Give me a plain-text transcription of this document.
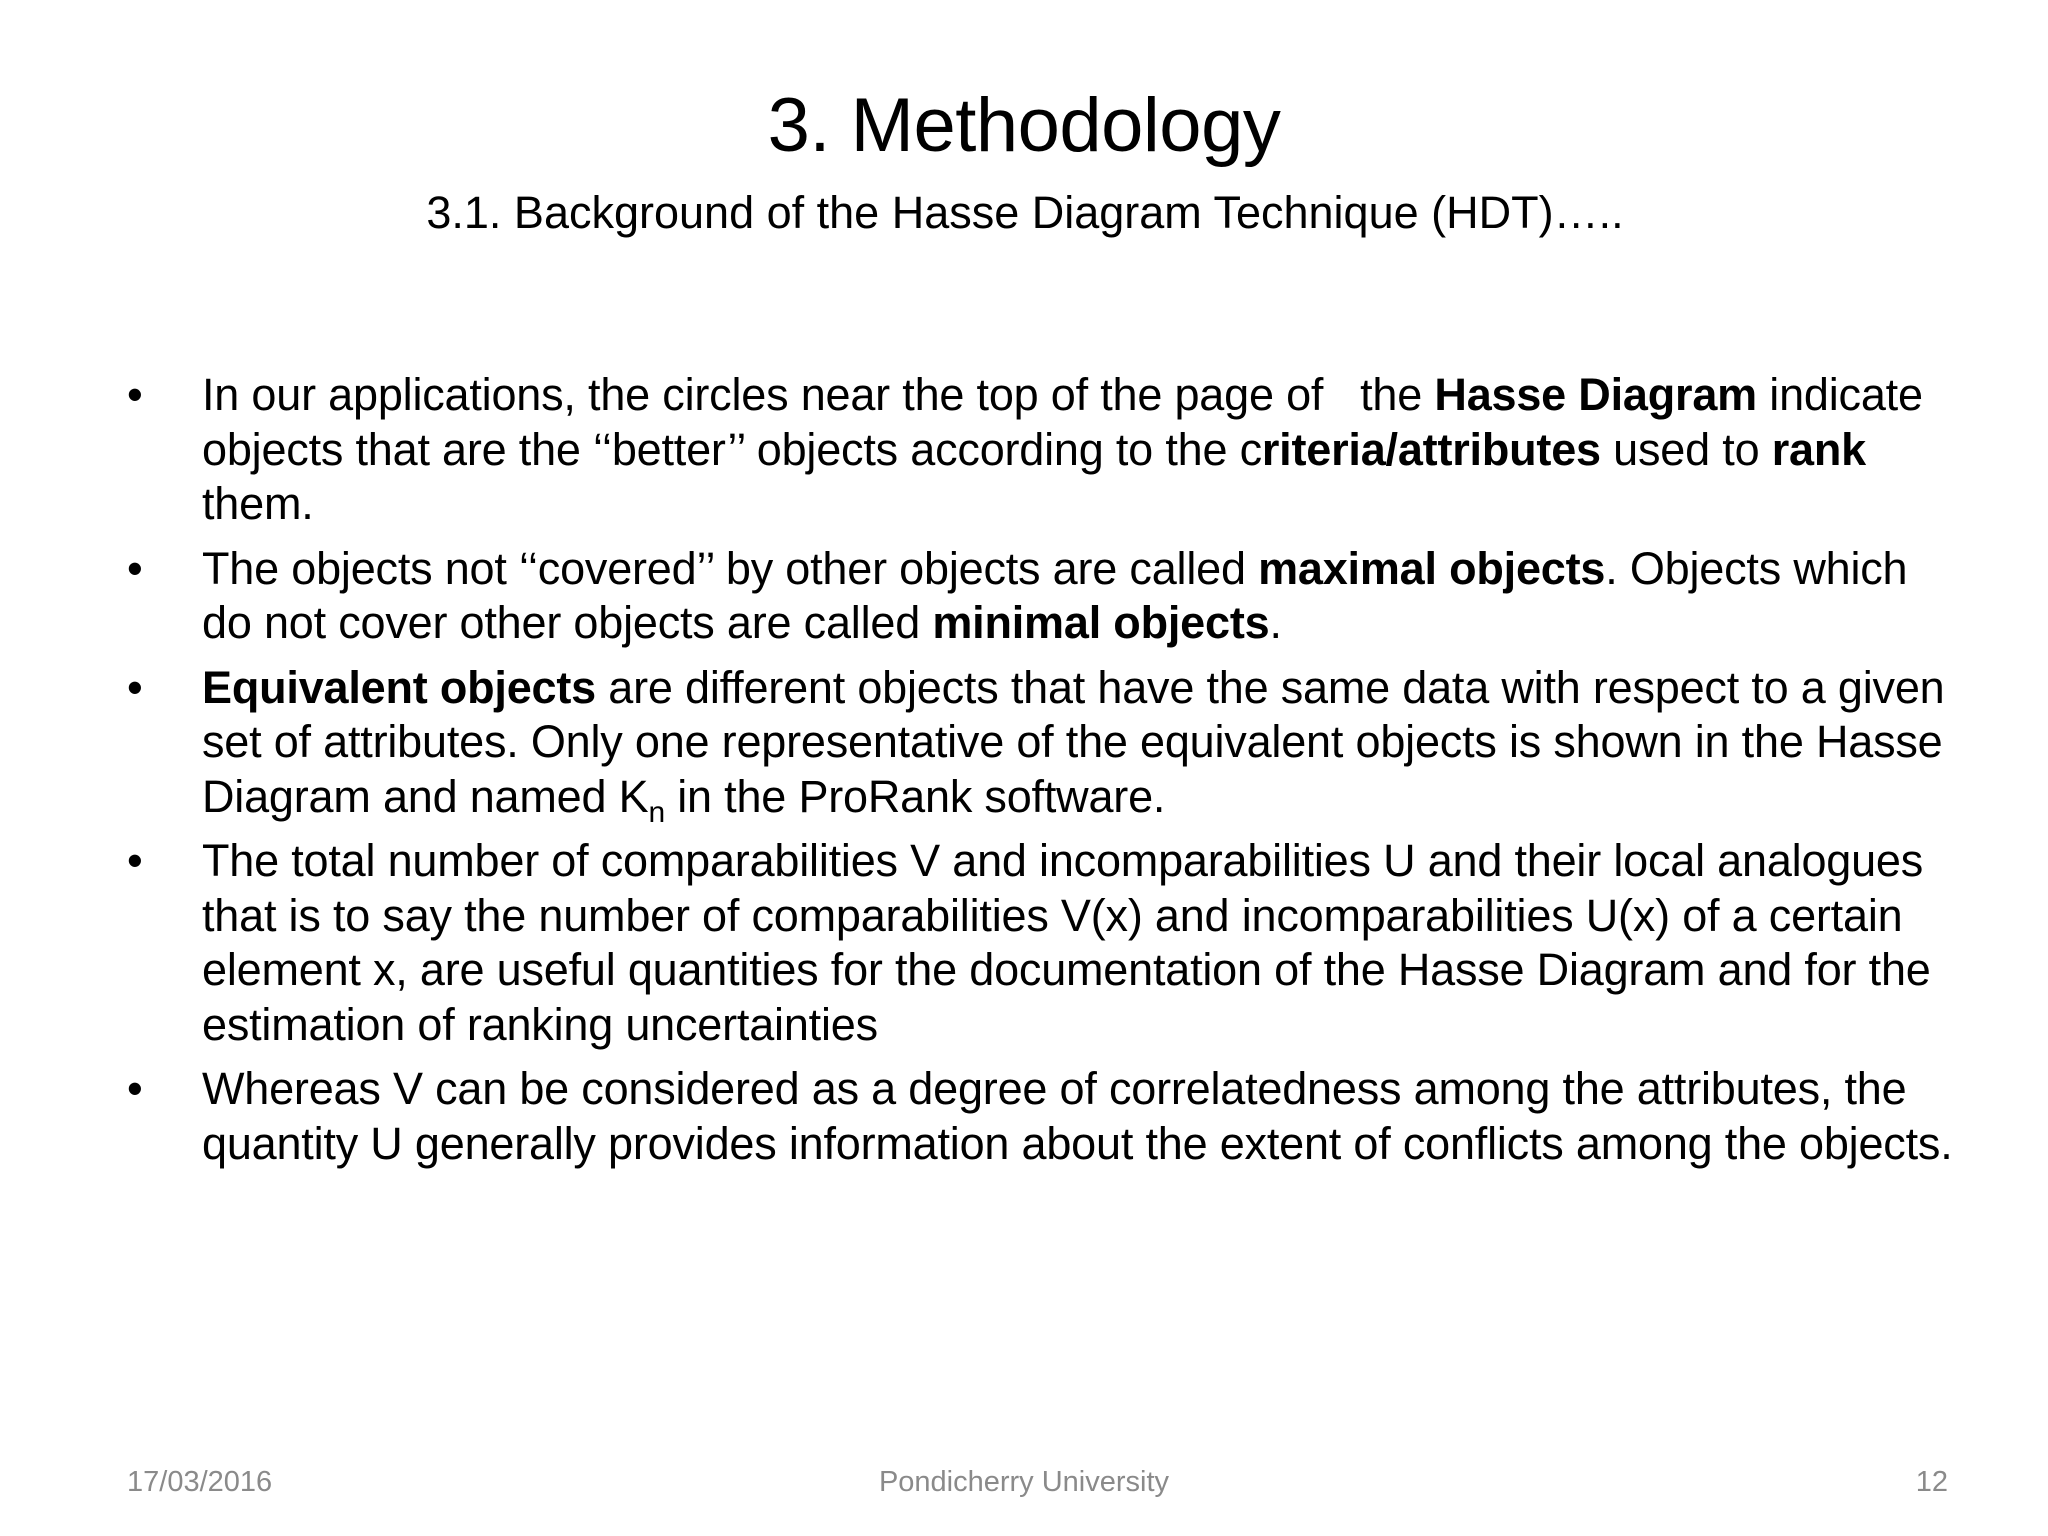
3. Methodology
3.1. Background of the Hasse Diagram Technique (HDT)…..
•	In our applications, the circles near the top of the page of   the Hasse Diagram indicate objects that are the ‘‘better’’ objects according to the criteria/attributes used to rank them.
•	The objects not ‘‘covered’’ by other objects are called maximal objects. Objects which do not cover other objects are called minimal objects.
•	Equivalent objects are different objects that have the same data with respect to a given set of attributes. Only one representative of the equivalent objects is shown in the Hasse Diagram and named $K_n$ in the ProRank software.
•	The total number of comparabilities V and incomparabilities U and their local analogues that is to say the number of comparabilities V(x) and incomparabilities U(x) of a certain element x, are useful quantities for the documentation of the Hasse Diagram and for the estimation of ranking uncertainties
•	Whereas V can be considered as a degree of correlatedness among the attributes, the quantity U generally provides information about the extent of conflicts among the objects.
17/03/2016	Pondicherry University	12
